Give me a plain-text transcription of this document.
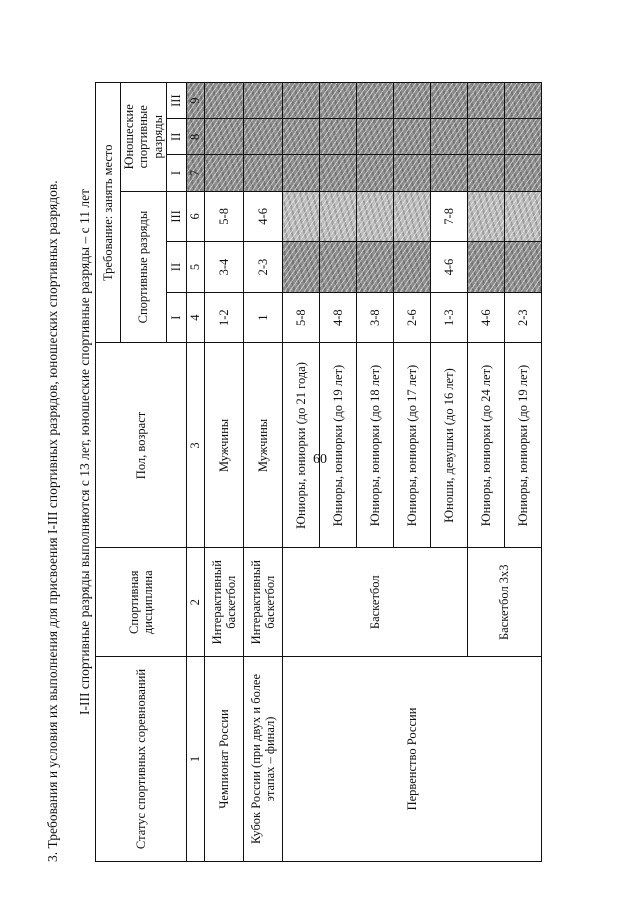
60
3. Требования и условия их выполнения для присвоения I-III спортивных разрядов, юношеских спортивных разрядов. I-III спортивные разряды выполняются с 13 лет, юношеские спортивные разряды – с 11 лет
Статус спортивных соревнований	Спортивная дисциплина	Пол, возраст	Требование: занять место					
			Спортивные разряды			Юношеские спортивные разряды		
			I	II	III	I	II	III
1	2	3	4	5	6	7	8	9
Чемпионат России	Интерактивный баскетбол	Мужчины	1-2	3-4	5-8			
Кубок России (при двух и более этапах – финал)	Интерактивный баскетбол	Мужчины	1	2-3	4-6			
Первенство России	Баскетбол	Юниоры, юниорки (до 21 года)	5-8					
		Юниоры, юниорки (до 19 лет)	4-8					
		Юниоры, юниорки (до 18 лет)	3-8					
		Юниоры, юниорки (до 17 лет)	2-6					
		Юноши, девушки (до 16 лет)	1-3	4-6	7-8			
	Баскетбол 3х3	Юниоры, юниорки (до 24 лет)	4-6					
		Юниоры, юниорки (до 19 лет)	2-3					
